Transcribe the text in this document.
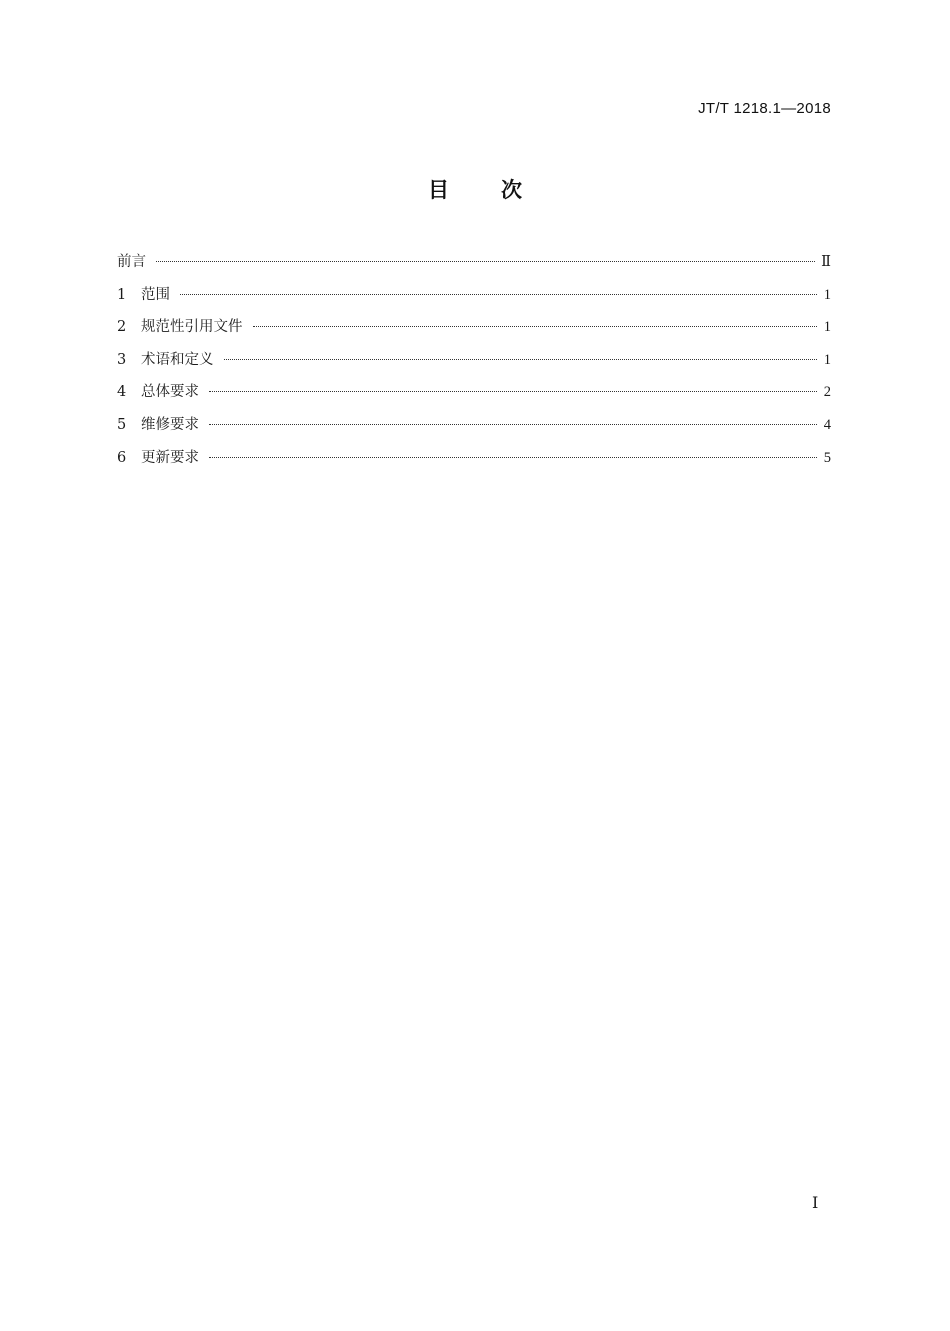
JT/T 1218.1—2018
目 次
前言	Ⅱ
1	范围	1
2	规范性引用文件	1
3	术语和定义	1
4	总体要求	2
5	维修要求	4
6	更新要求	5
Ⅰ
